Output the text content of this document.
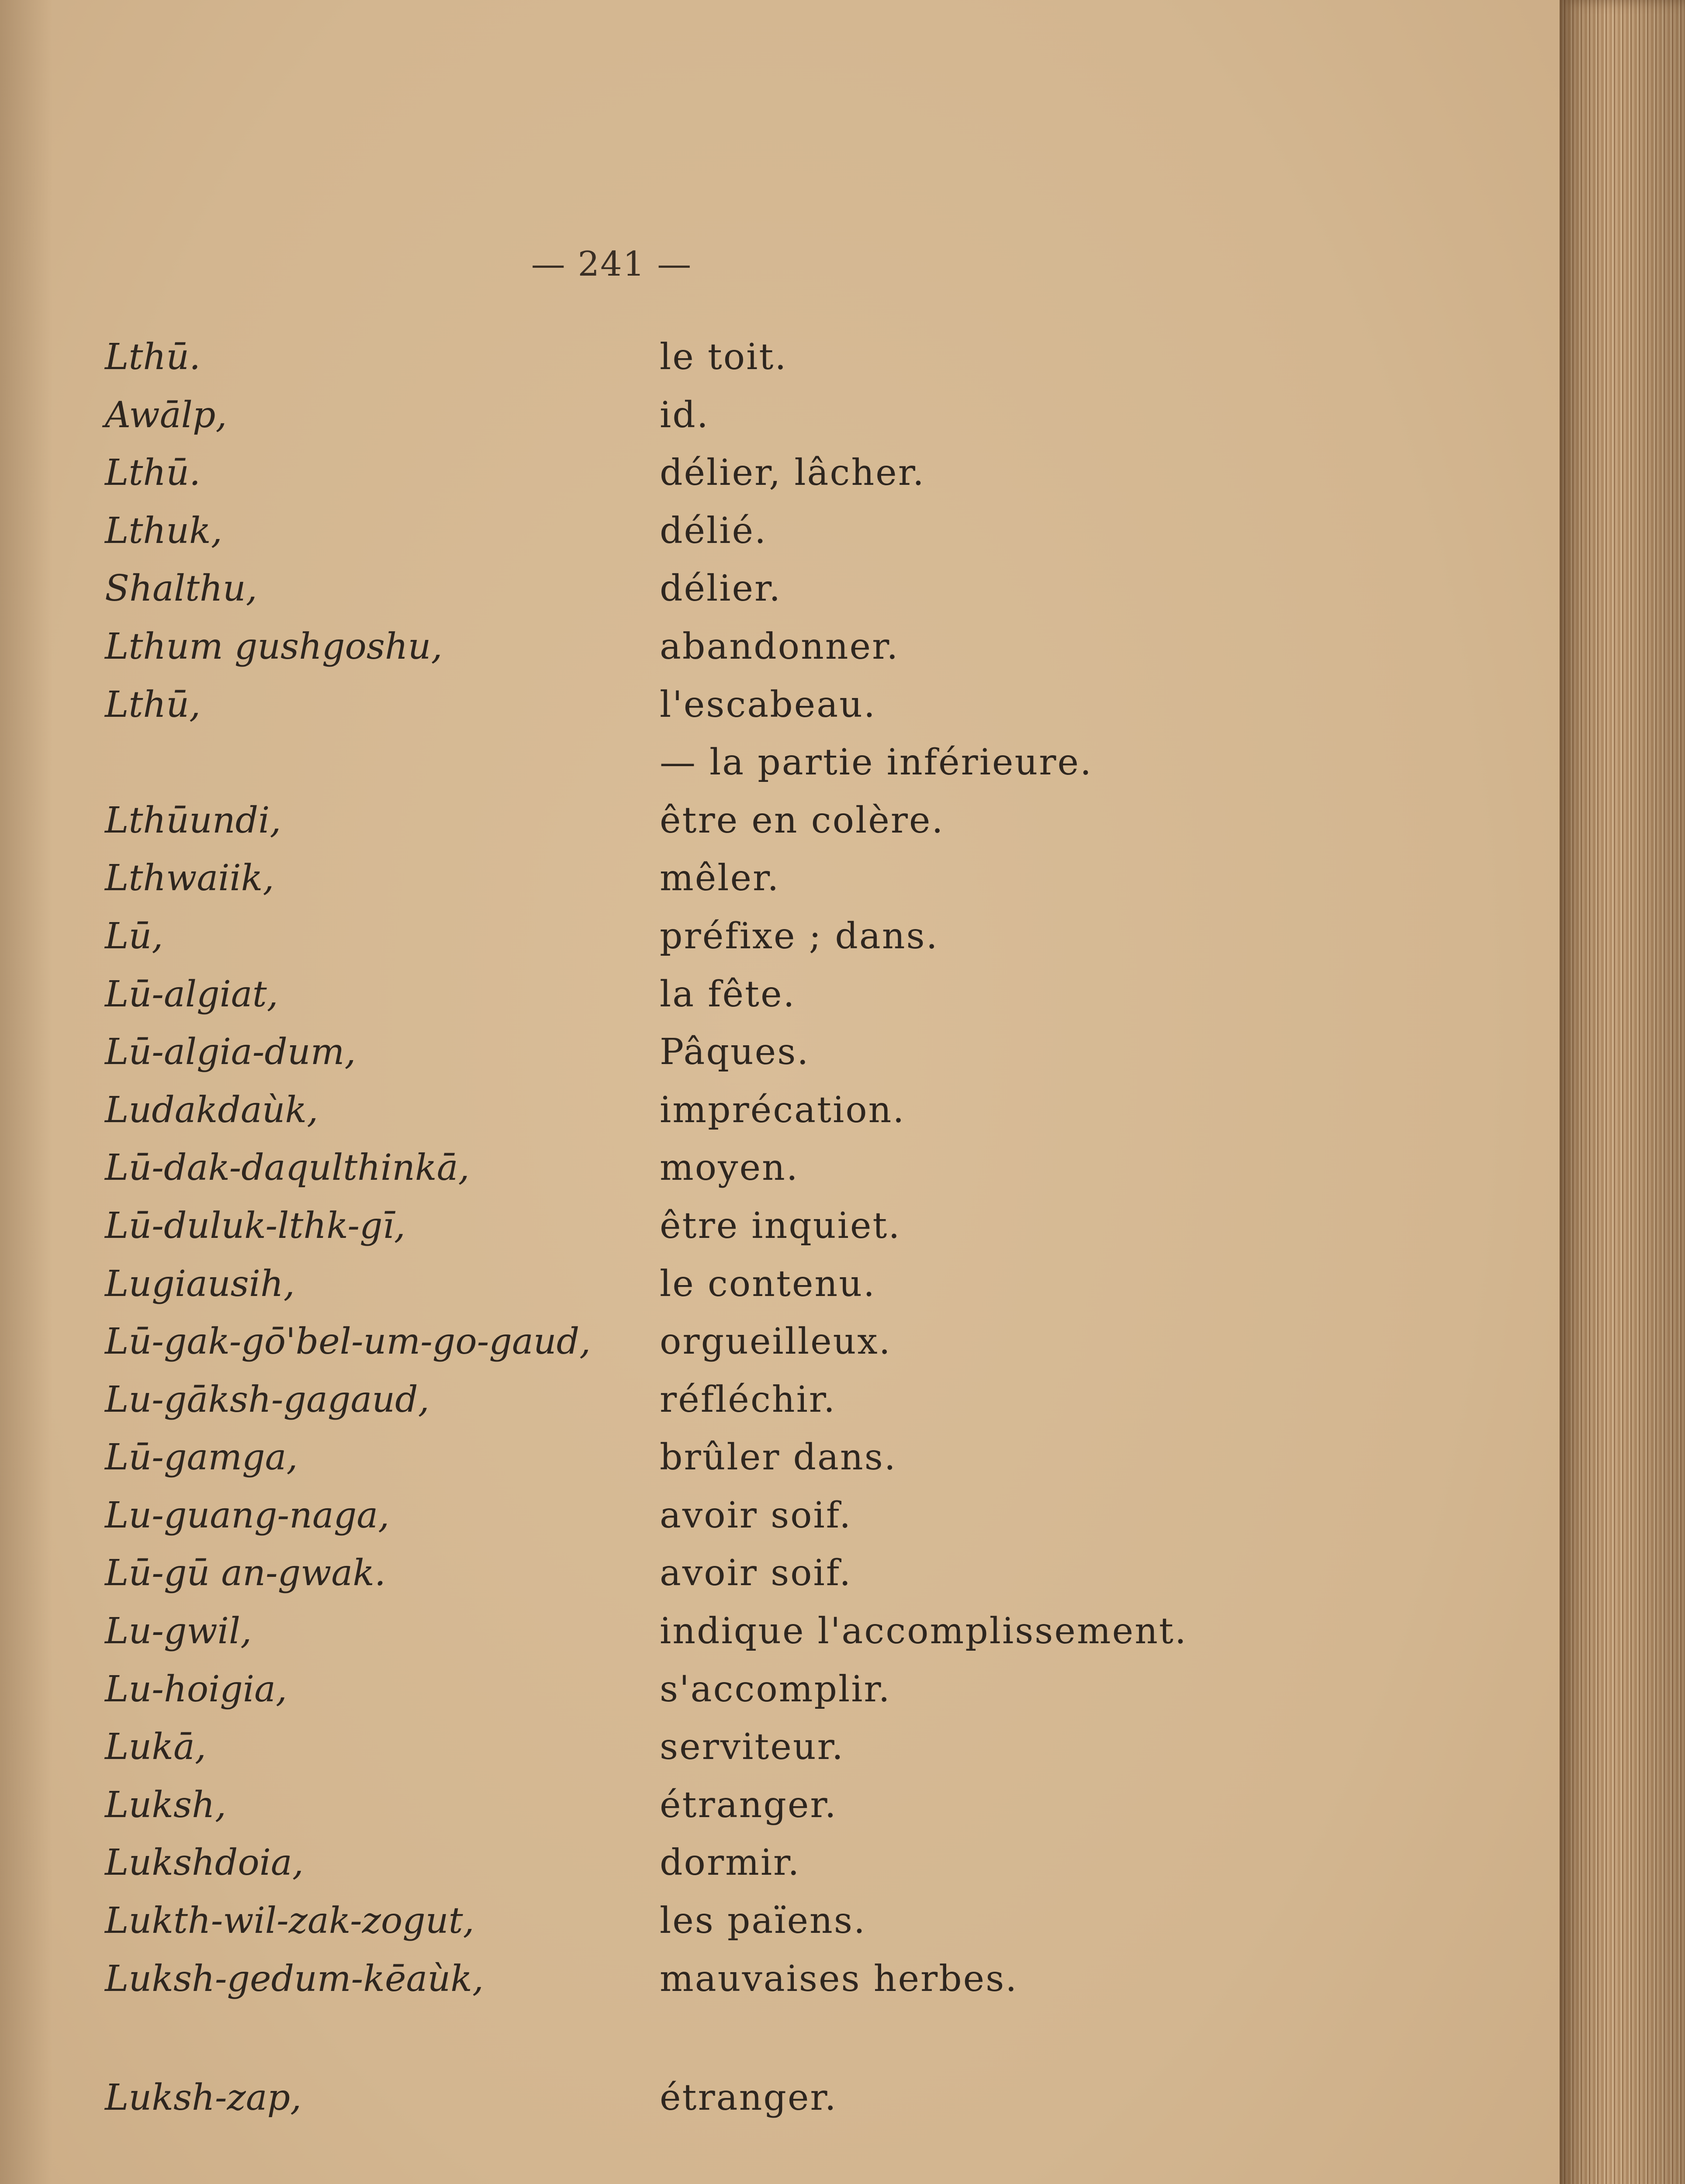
— 241 —
Lthū.	le toit.
Awālp,	id.
Lthū.	délier, lâcher.
Lthuk,	délié.
Shalthu,	délier.
Lthum gushgoshu,	abandonner.
Lthū,	l'escabeau.
— la partie inférieure.
Lthūundi,	être en colère.
Lthwaiik,	mêler.
Lū,	préfixe ; dans.
Lū-algiat,	la fête.
Lū-algia-dum,	Pâques.
Ludakdaùk,	imprécation.
Lū-dak-daqulthinkā,	moyen.
Lū-duluk-lthk-gī,	être inquiet.
Lugiausih,	le contenu.
Lū-gak-gō'bel-um-go-gaud, orgueilleux.
Lu-gāksh-gagaud,	réfléchir.
Lū-gamga,	brûler dans.
Lu-guang-naga,	avoir soif.
Lū-gū an-gwak.	avoir soif.
Lu-gwil,	indique l'accomplissement.
Lu-hoigia,	s'accomplir.
Lukā,	serviteur.
Luksh,	étranger.
Lukshdoia,	dormir.
Lukth-wil-zak-zogut,	les païens.
Luksh-gedum-kēaùk,	mauvaises herbes.
Luksh-zap,	étranger.
